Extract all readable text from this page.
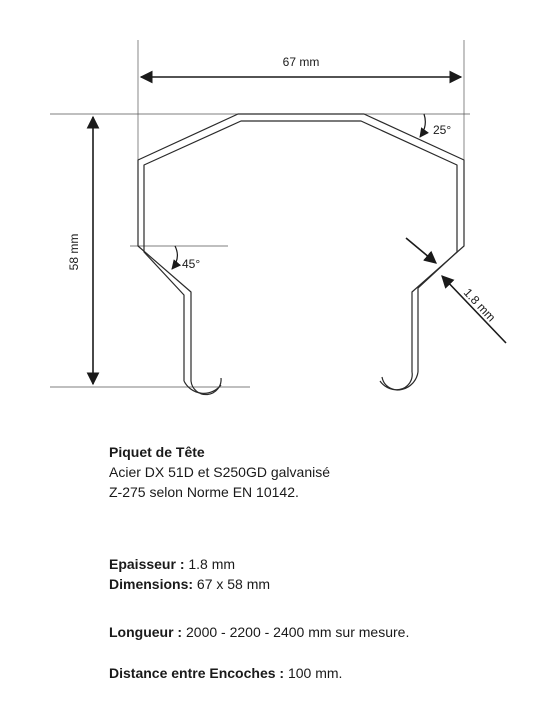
67 mm
58 mm
25°
45°
1.8 mm
Piquet de Tête
Acier DX 51D et S250GD galvanisé
Z-275 selon Norme EN 10142.
Epaisseur : 1.8 mm
Dimensions: 67 x 58 mm
Longueur : 2000 - 2200 - 2400 mm sur mesure.
Distance entre Encoches : 100 mm.
